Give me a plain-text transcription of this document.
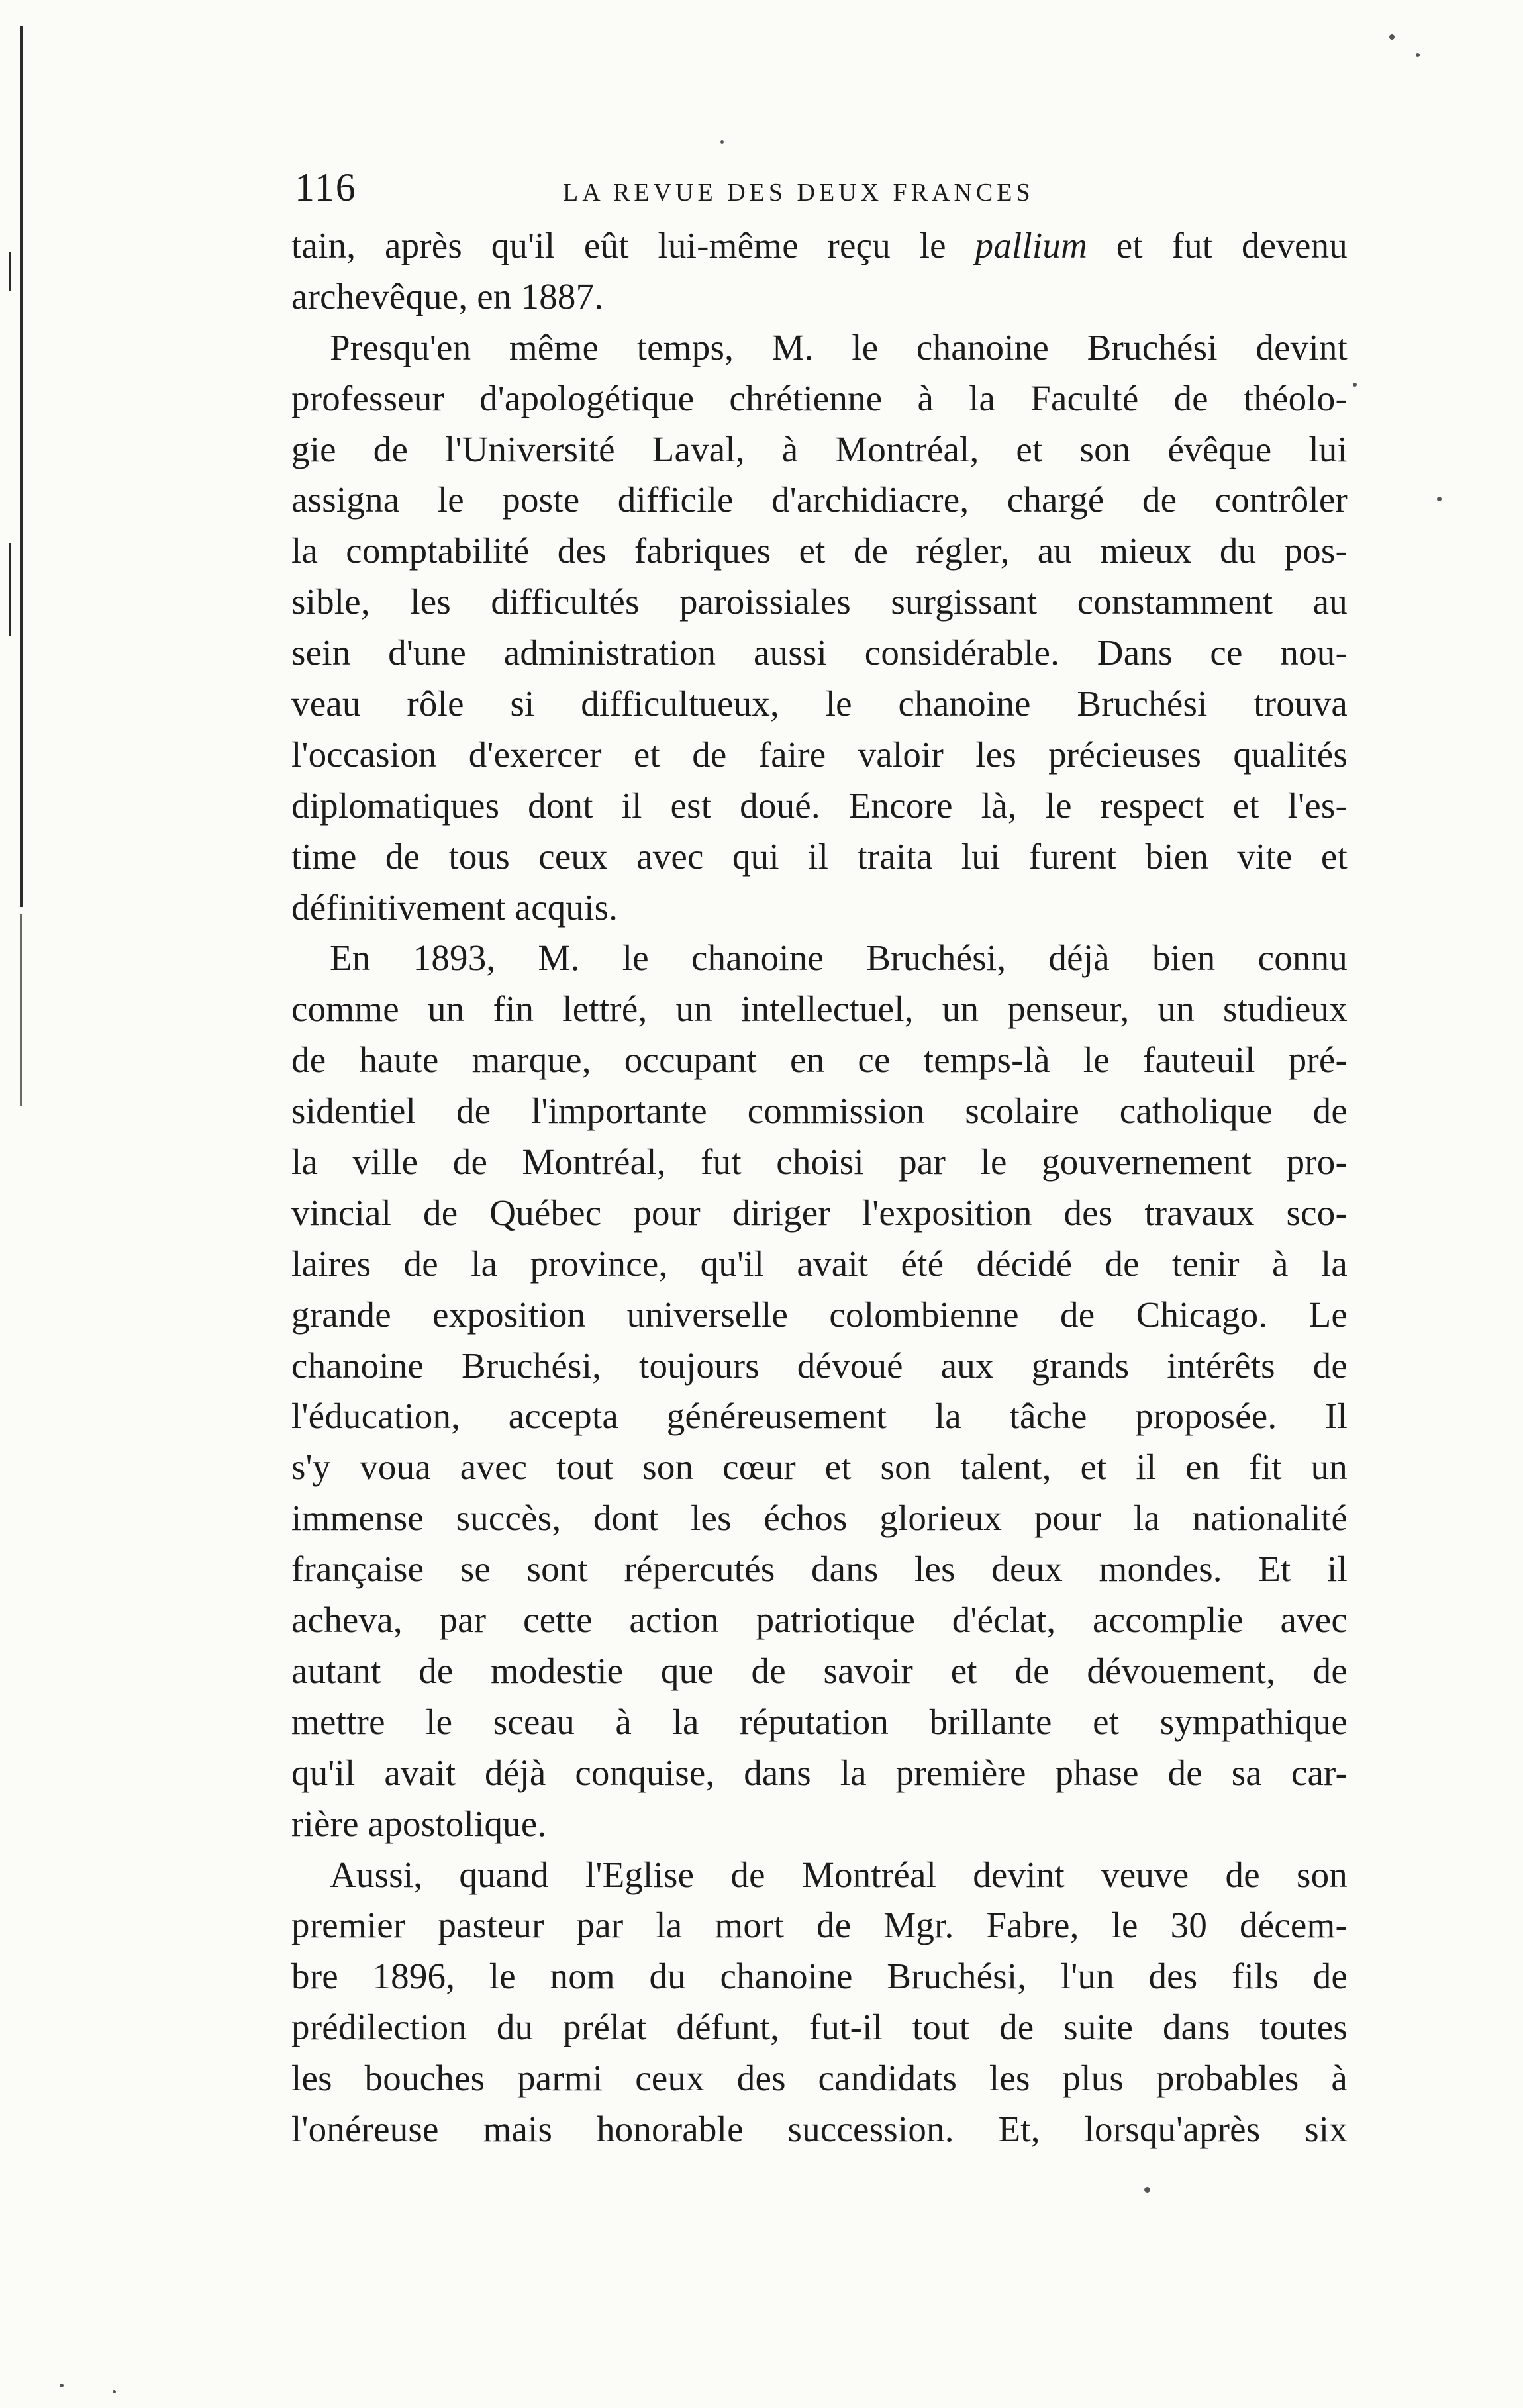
116	LA REVUE DES DEUX FRANCES
tain, après qu'il eût lui-même reçu le pallium et fut devenu
archevêque, en 1887.
Presqu'en même temps, M. le chanoine Bruchési devint
professeur d'apologétique chrétienne à la Faculté de théolo-
gie de l'Université Laval, à Montréal, et son évêque lui
assigna le poste difficile d'archidiacre, chargé de contrôler
la comptabilité des fabriques et de régler, au mieux du pos-
sible, les difficultés paroissiales surgissant constamment au
sein d'une administration aussi considérable. Dans ce nou-
veau rôle si difficultueux, le chanoine Bruchési trouva
l'occasion d'exercer et de faire valoir les précieuses qualités
diplomatiques dont il est doué. Encore là, le respect et l'es-
time de tous ceux avec qui il traita lui furent bien vite et
définitivement acquis.
En 1893, M. le chanoine Bruchési, déjà bien connu
comme un fin lettré, un intellectuel, un penseur, un studieux
de haute marque, occupant en ce temps-là le fauteuil pré-
sidentiel de l'importante commission scolaire catholique de
la ville de Montréal, fut choisi par le gouvernement pro-
vincial de Québec pour diriger l'exposition des travaux sco-
laires de la province, qu'il avait été décidé de tenir à la
grande exposition universelle colombienne de Chicago. Le
chanoine Bruchési, toujours dévoué aux grands intérêts de
l'éducation, accepta généreusement la tâche proposée. Il
s'y voua avec tout son cœur et son talent, et il en fit un
immense succès, dont les échos glorieux pour la nationalité
française se sont répercutés dans les deux mondes. Et il
acheva, par cette action patriotique d'éclat, accomplie avec
autant de modestie que de savoir et de dévouement, de
mettre le sceau à la réputation brillante et sympathique
qu'il avait déjà conquise, dans la première phase de sa car-
rière apostolique.
Aussi, quand l'Eglise de Montréal devint veuve de son
premier pasteur par la mort de Mgr. Fabre, le 30 décem-
bre 1896, le nom du chanoine Bruchési, l'un des fils de
prédilection du prélat défunt, fut-il tout de suite dans toutes
les bouches parmi ceux des candidats les plus probables à
l'onéreuse mais honorable succession. Et, lorsqu'après six
